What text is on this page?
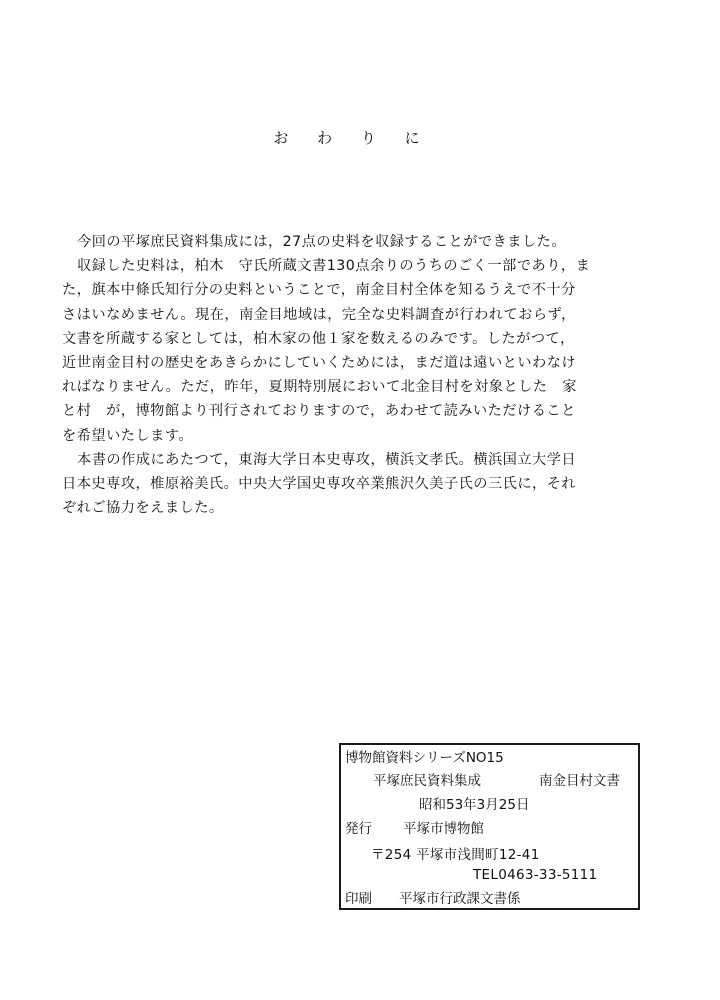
お わ り に
今回の平塚庶民資料集成には，27点の史料を収録することができました。
収録した史料は，柏木　守氏所蔵文書130点余りのうちのごく一部であり，ま
た，旗本中條氏知行分の史料ということで，南金目村全体を知るうえで不十分
さはいなめません。現在，南金目地域は，完全な史料調査が行われておらず，
文書を所蔵する家としては，柏木家の他１家を数えるのみです。したがつて，
近世南金目村の歴史をあきらかにしていくためには，まだ道は遠いといわなけ
ればなりません。ただ，昨年，夏期特別展において北金目村を対象とした　家
と村　が，博物館より刊行されておりますので，あわせて読みいただけること
を希望いたします。
本書の作成にあたつて，東海大学日本史専攻，横浜文孝氏。横浜国立大学日
日本史専攻，椎原裕美氏。中央大学国史専攻卒業熊沢久美子氏の三氏に，それ
ぞれご協力をえました。
博物館資料シリーズNO15
平塚庶民資料集成	南金目村文書
昭和53年3月25日
発行 平塚市博物館
〒254 平塚市浅間町12-41
TEL0463-33-5111
印刷 平塚市行政課文書係
